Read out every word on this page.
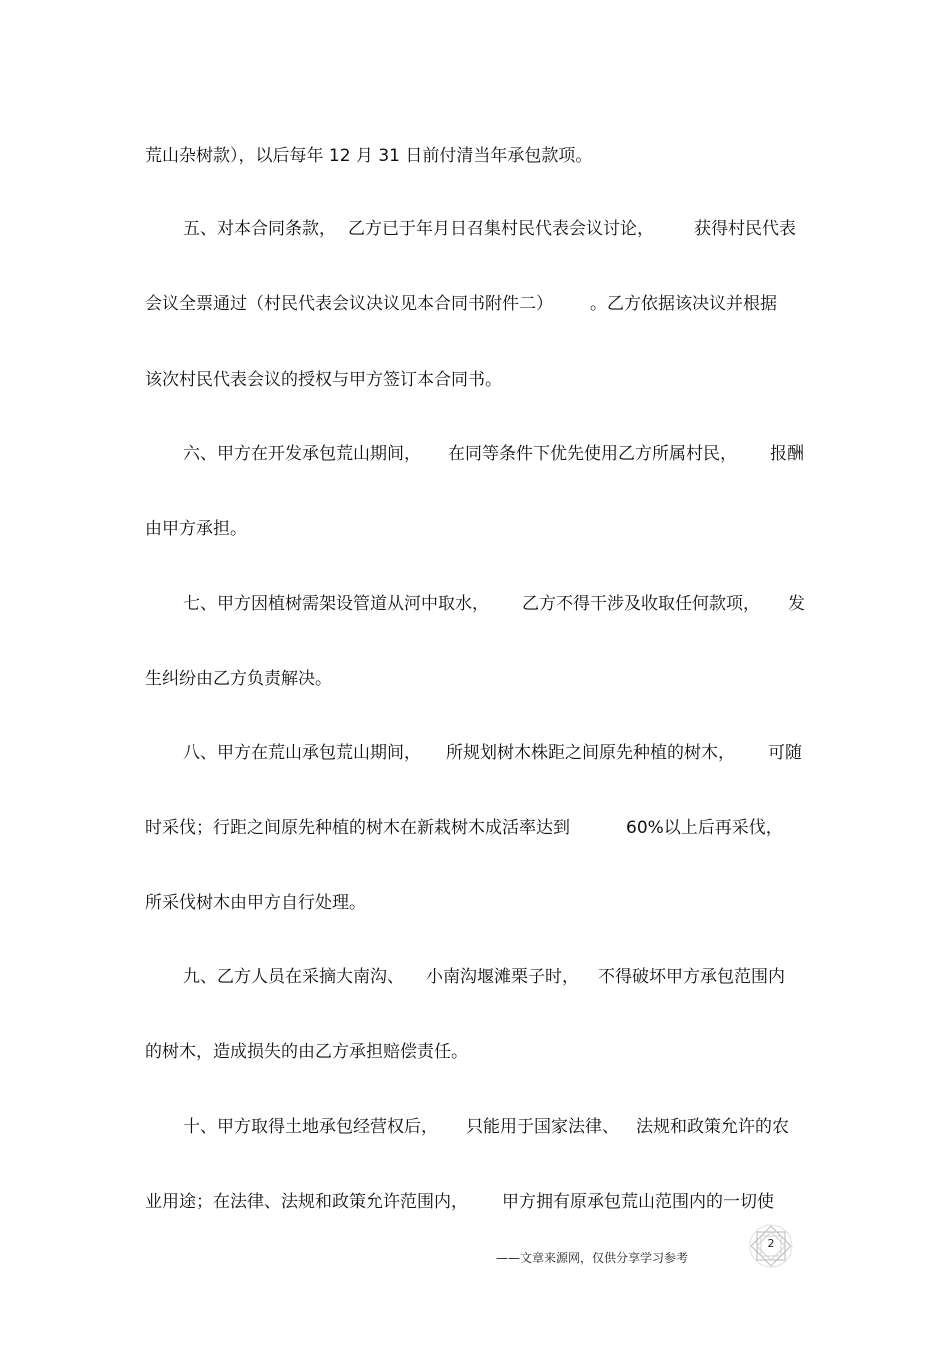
荒山杂树款），以后每年 12 月 31 日前付清当年承包款项。

五、对本合同条款，

乙方已于年月日召集村民代表会议讨论，

获得村民代表

会议全票通过（村民代表会议决议见本合同书附件二）

。乙方依据该决议并根据

该次村民代表会议的授权与甲方签订本合同书。

六、甲方在开发承包荒山期间，

在同等条件下优先使用乙方所属村民，

报酬

由甲方承担。

七、甲方因植树需架设管道从河中取水，

乙方不得干涉及收取任何款项，

发

生纠纷由乙方负责解决。

八、甲方在荒山承包荒山期间，

所规划树木株距之间原先种植的树木，

可随

时采伐；行距之间原先种植的树木在新栽树木成活率达到

	60%以上后再采伐，

所采伐树木由甲方自行处理。

九、乙方人员在采摘大南沟、

小南沟堰滩栗子时，

不得破坏甲方承包范围内

的树木，造成损失的由乙方承担赔偿责任。

十、甲方取得土地承包经营权后，

只能用于国家法律、

法规和政策允许的农

业用途；在法律、法规和政策允许范围内，

甲方拥有原承包荒山范围内的一切使

——文章来源网，仅供分享学习参考
2
